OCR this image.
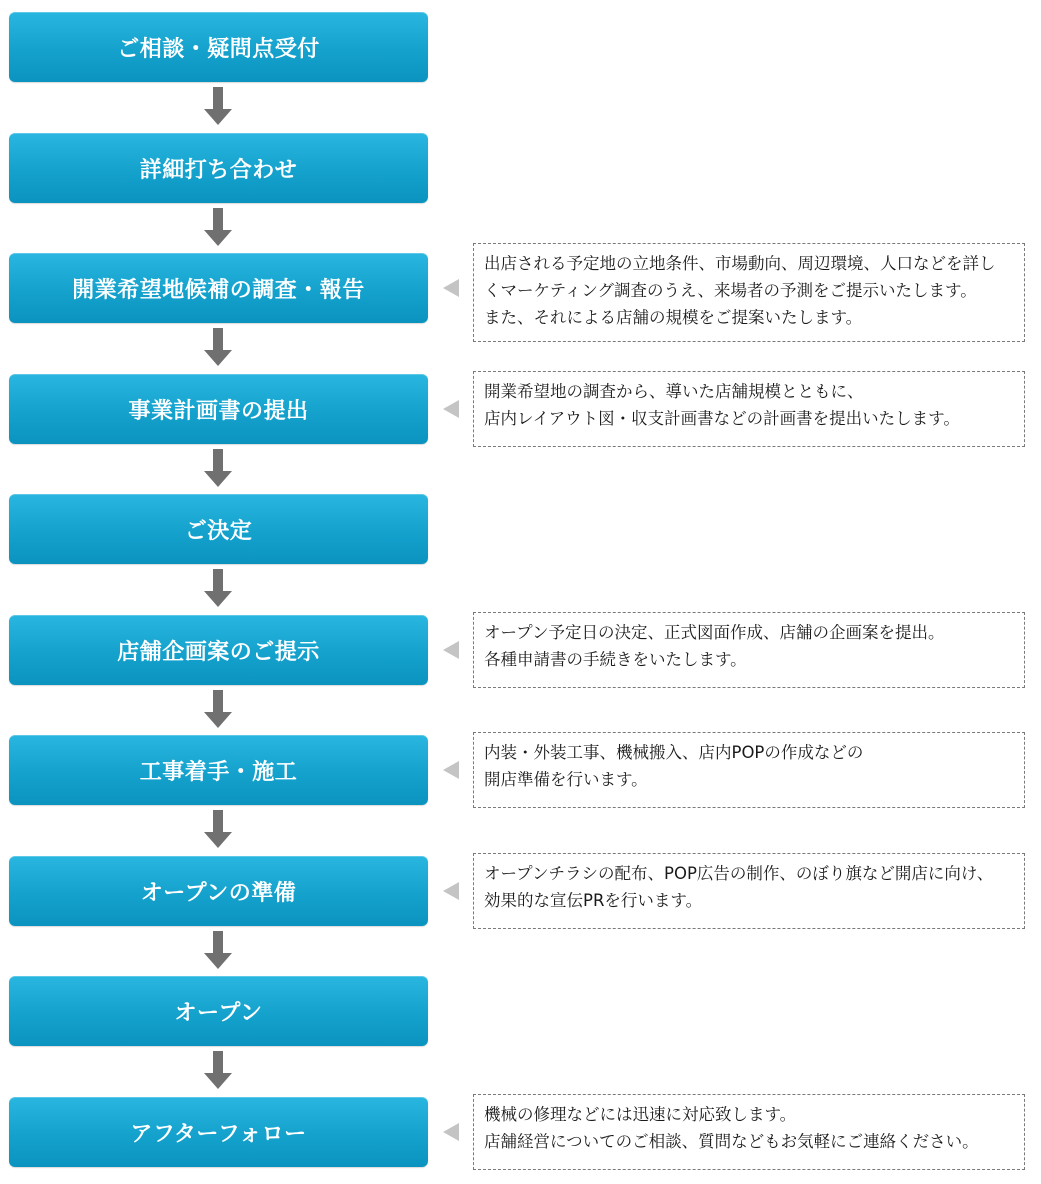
ご相談・疑問点受付
詳細打ち合わせ
開業希望地候補の調査・報告
事業計画書の提出
ご決定
店舗企画案のご提示
工事着手・施工
オープンの準備
オープン
アフターフォロー
出店される予定地の立地条件、市場動向、周辺環境、人口などを詳し
くマーケティング調査のうえ、来場者の予測をご提示いたします。
また、それによる店舗の規模をご提案いたします。
開業希望地の調査から、導いた店舗規模とともに、
店内レイアウト図・収支計画書などの計画書を提出いたします。
オープン予定日の決定、正式図面作成、店舗の企画案を提出。
各種申請書の手続きをいたします。
内装・外装工事、機械搬入、店内POPの作成などの
開店準備を行います。
オープンチラシの配布、POP広告の制作、のぼり旗など開店に向け、
効果的な宣伝PRを行います。
機械の修理などには迅速に対応致します。
店舗経営についてのご相談、質問などもお気軽にご連絡ください。
